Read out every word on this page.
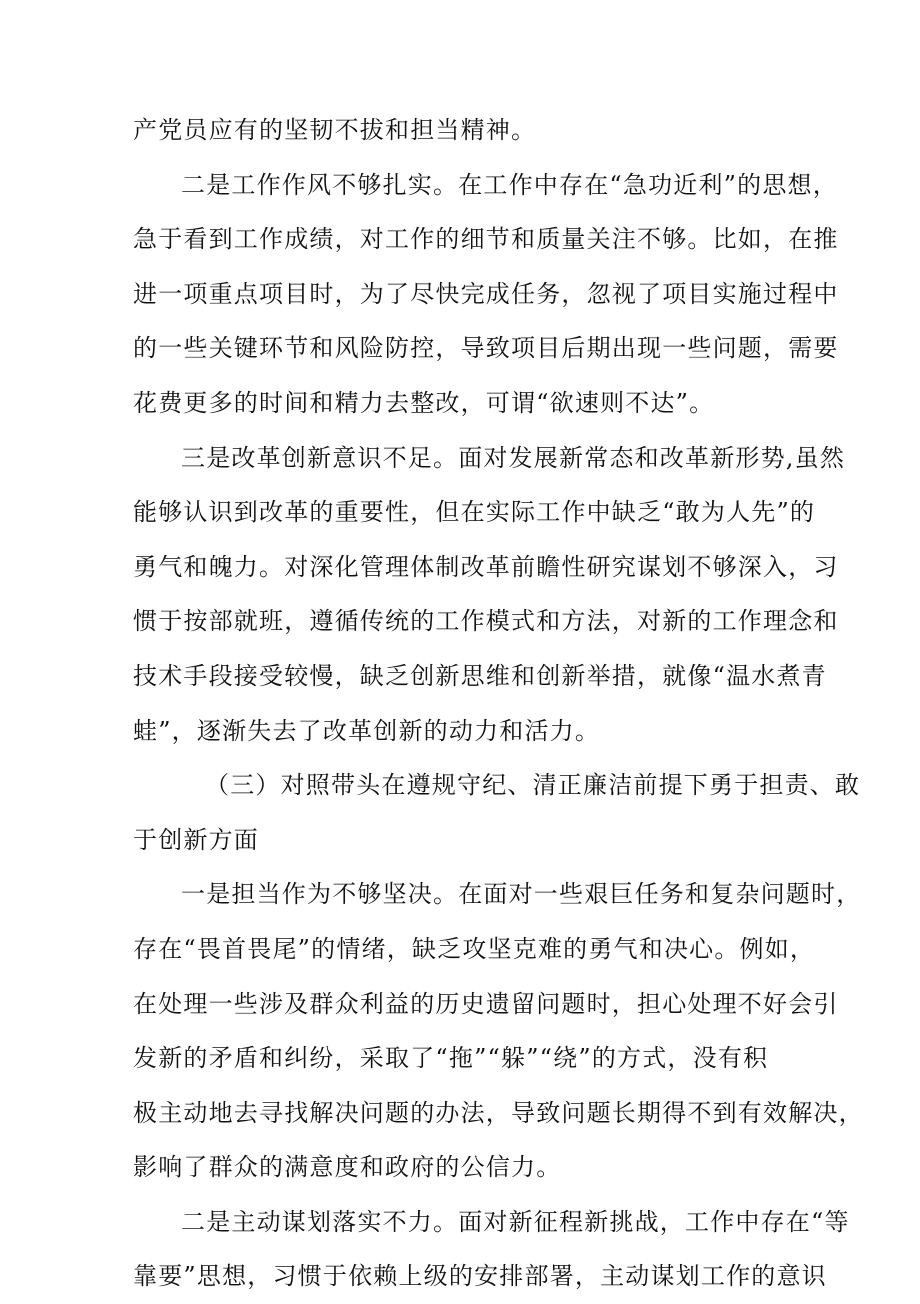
产党员应有的坚韧不拔和担当精神。
二是工作作风不够扎实。在工作中存在“急功近利”的思想，
急于看到工作成绩，对工作的细节和质量关注不够。比如，在推
进一项重点项目时，为了尽快完成任务，忽视了项目实施过程中
的一些关键环节和风险防控，导致项目后期出现一些问题，需要
花费更多的时间和精力去整改，可谓“欲速则不达”。
三是改革创新意识不足。面对发展新常态和改革新形势,虽然
能够认识到改革的重要性，但在实际工作中缺乏“敢为人先”的
勇气和魄力。对深化管理体制改革前瞻性研究谋划不够深入，习
惯于按部就班，遵循传统的工作模式和方法，对新的工作理念和
技术手段接受较慢，缺乏创新思维和创新举措，就像“温水煮青
蛙”，逐渐失去了改革创新的动力和活力。
（三）对照带头在遵规守纪、清正廉洁前提下勇于担责、敢
于创新方面
一是担当作为不够坚决。在面对一些艰巨任务和复杂问题时，
存在“畏首畏尾”的情绪，缺乏攻坚克难的勇气和决心。例如，
在处理一些涉及群众利益的历史遗留问题时，担心处理不好会引
发新的矛盾和纠纷，采取了“拖”“躲”“绕”的方式，没有积
极主动地去寻找解决问题的办法，导致问题长期得不到有效解决，
影响了群众的满意度和政府的公信力。
二是主动谋划落实不力。面对新征程新挑战，工作中存在“等
靠要”思想，习惯于依赖上级的安排部署，主动谋划工作的意识
